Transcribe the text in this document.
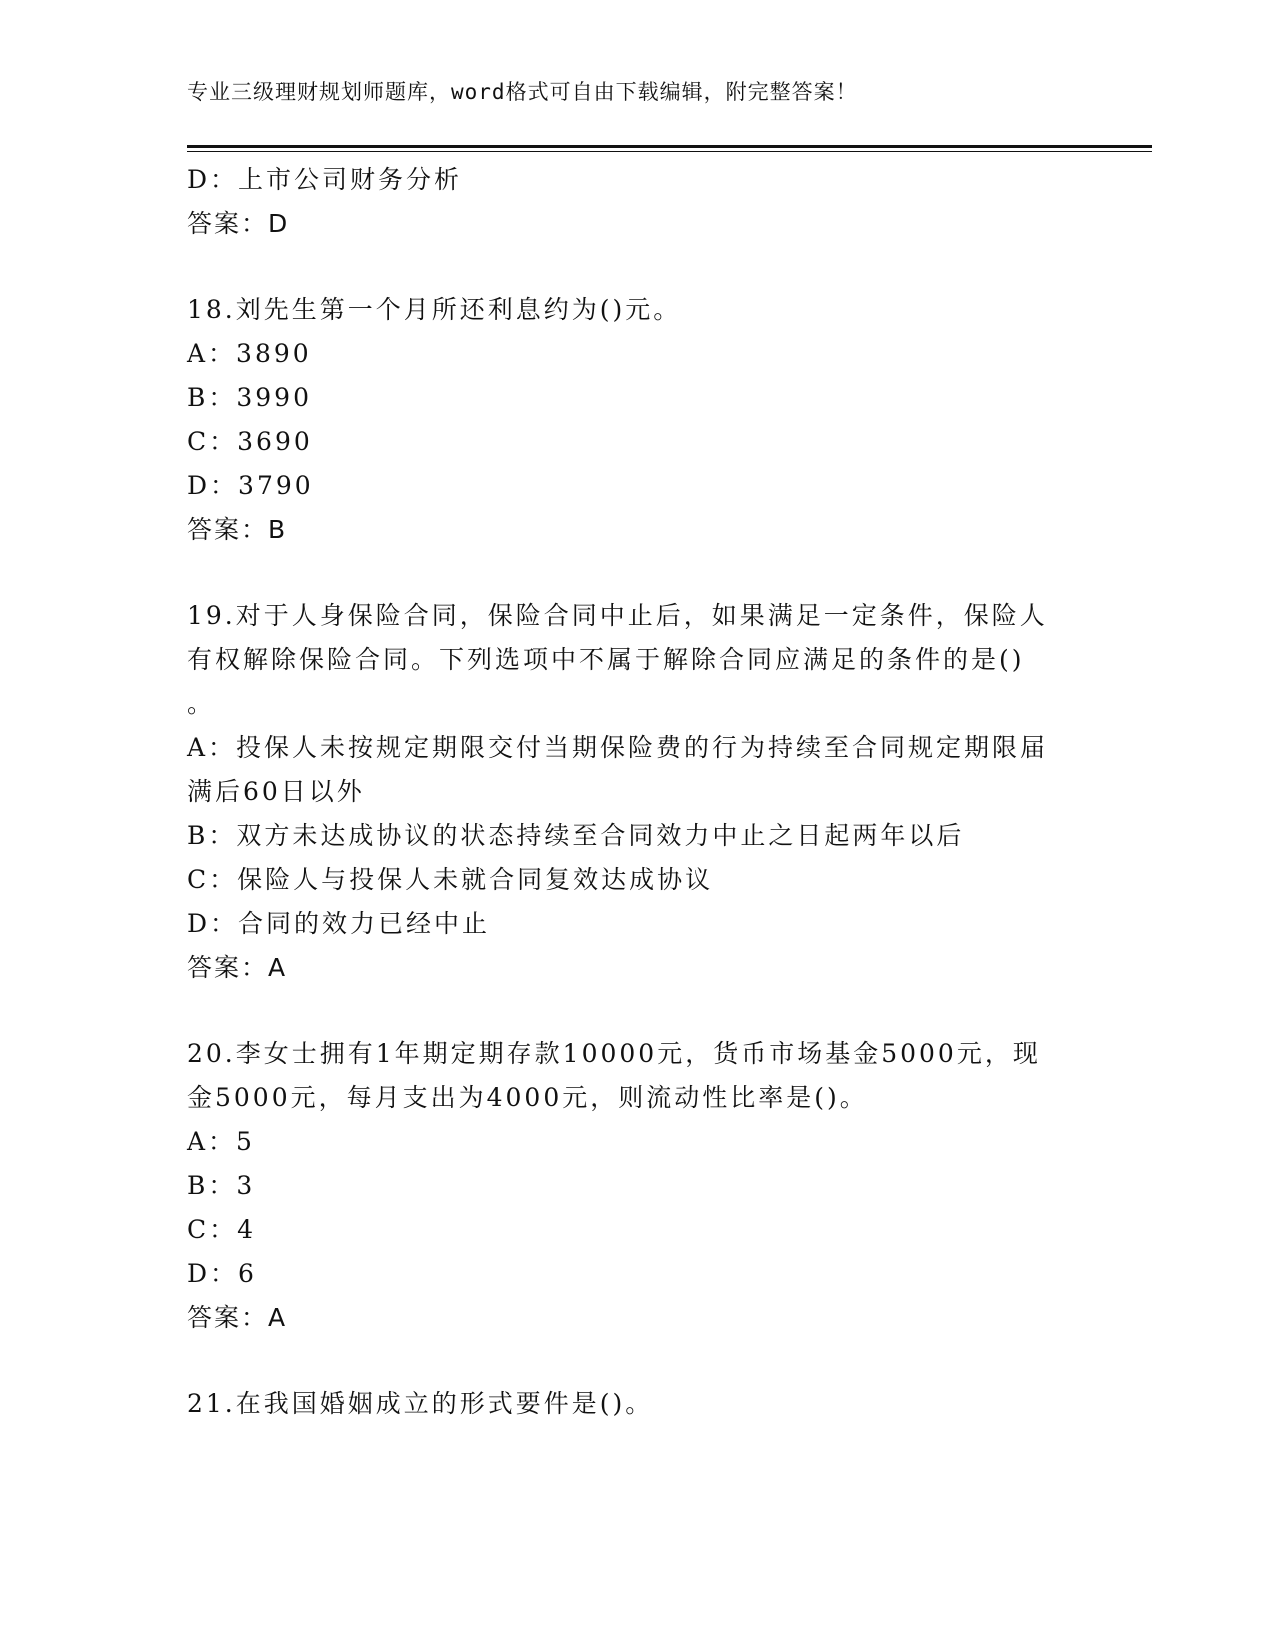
专业三级理财规划师题库，word格式可自由下载编辑，附完整答案！
D：上市公司财务分析
答案：D
18.刘先生第一个月所还利息约为()元。
A：3890
B：3990
C：3690
D：3790
答案：B
19.对于人身保险合同，保险合同中止后，如果满足一定条件，保险人
有权解除保险合同。下列选项中不属于解除合同应满足的条件的是()
。
A：投保人未按规定期限交付当期保险费的行为持续至合同规定期限届
满后60日以外
B：双方未达成协议的状态持续至合同效力中止之日起两年以后
C：保险人与投保人未就合同复效达成协议
D：合同的效力已经中止
答案：A
20.李女士拥有1年期定期存款10000元，货币市场基金5000元，现
金5000元，每月支出为4000元，则流动性比率是()。
A：5
B：3
C：4
D：6
答案：A
21.在我国婚姻成立的形式要件是()。
